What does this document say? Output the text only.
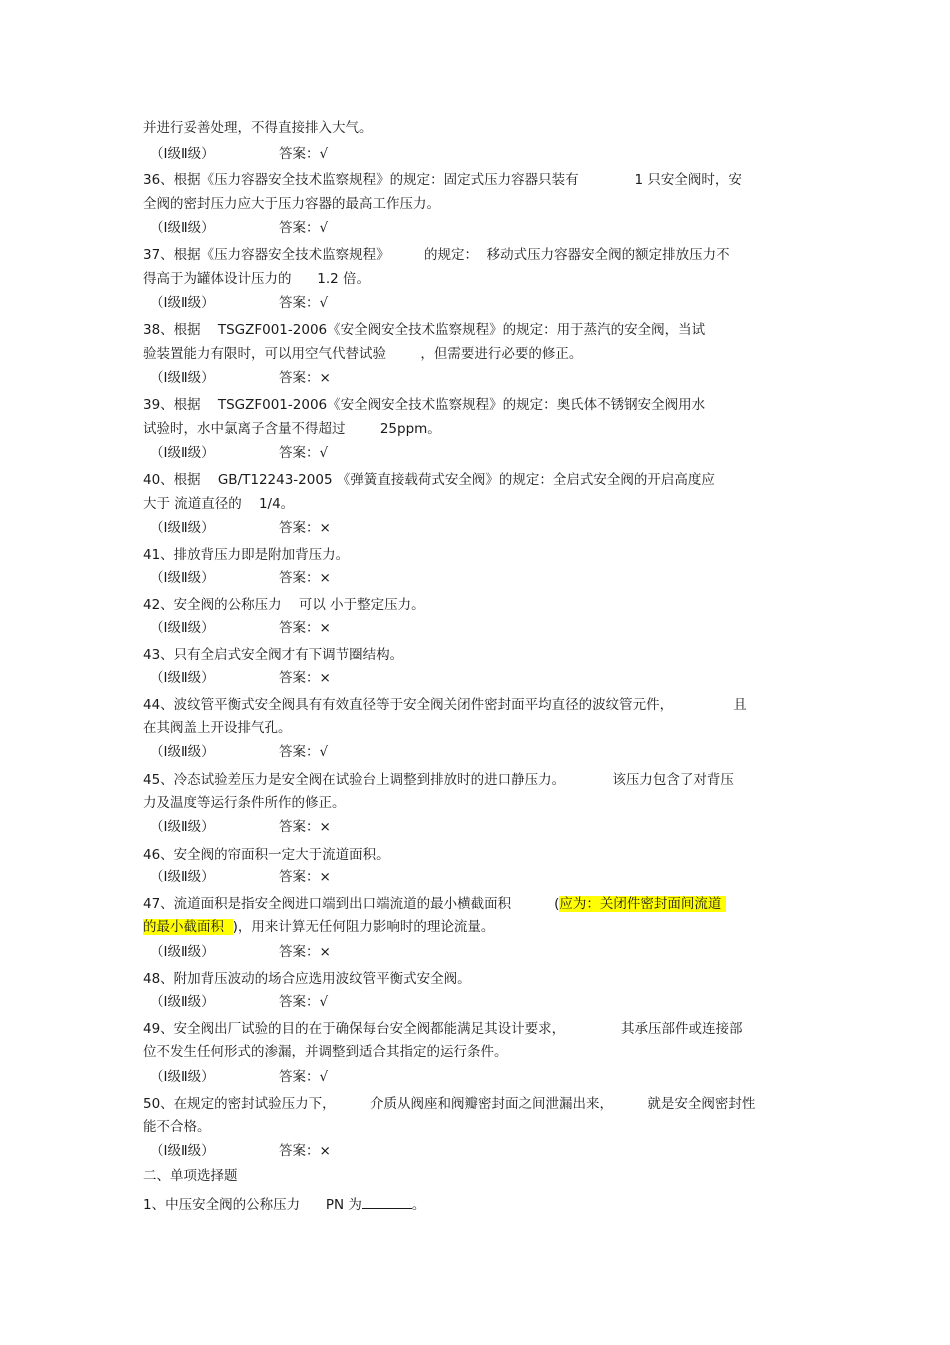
并进行妥善处理，不得直接排入大气。
（Ⅰ级Ⅱ级）	答案：√
36、根据《压力容器安全技术监察规程》的规定：固定式压力容器只装有             1 只安全阀时，安
全阀的密封压力应大于压力容器的最高工作压力。
（Ⅰ级Ⅱ级）	答案：√
37、根据《压力容器安全技术监察规程》        的规定：  移动式压力容器安全阀的额定排放压力不
得高于为罐体设计压力的      1.2 倍。
（Ⅰ级Ⅱ级）	答案：√
38、根据    TSGZF001-2006《安全阀安全技术监察规程》的规定：用于蒸汽的安全阀，当试
验装置能力有限时，可以用空气代替试验        ，但需要进行必要的修正。
（Ⅰ级Ⅱ级）	答案：×
39、根据    TSGZF001-2006《安全阀安全技术监察规程》的规定：奥氏体不锈钢安全阀用水
试验时，水中氯离子含量不得超过        25ppm。
（Ⅰ级Ⅱ级）	答案：√
40、根据    GB/T12243-2005 《弹簧直接载荷式安全阀》的规定：全启式安全阀的开启高度应
大于 流道直径的    1/4。
（Ⅰ级Ⅱ级）	答案：×
41、排放背压力即是附加背压力。
（Ⅰ级Ⅱ级）	答案：×
42、安全阀的公称压力    可以 小于整定压力。
（Ⅰ级Ⅱ级）	答案：×
43、只有全启式安全阀才有下调节圈结构。
（Ⅰ级Ⅱ级）	答案：×
44、波纹管平衡式安全阀具有有效直径等于安全阀关闭件密封面平均直径的波纹管元件，              且
在其阀盖上开设排气孔。
（Ⅰ级Ⅱ级）	答案：√
45、冷态试验差压力是安全阀在试验台上调整到排放时的进口静压力。           该压力包含了对背压
力及温度等运行条件所作的修正。
（Ⅰ级Ⅱ级）	答案：×
46、安全阀的帘面积一定大于流道面积。
（Ⅰ级Ⅱ级）	答案：×
47、流道面积是指安全阀进口端到出口端流道的最小横截面积          (应为：关闭件密封面间流道
的最小截面积  )，用来计算无任何阻力影响时的理论流量。
（Ⅰ级Ⅱ级）	答案：×
48、附加背压波动的场合应选用波纹管平衡式安全阀。
（Ⅰ级Ⅱ级）	答案：√
49、安全阀出厂试验的目的在于确保每台安全阀都能满足其设计要求，             其承压部件或连接部
位不发生任何形式的渗漏，并调整到适合其指定的运行条件。
（Ⅰ级Ⅱ级）	答案：√
50、在规定的密封试验压力下，        介质从阀座和阀瓣密封面之间泄漏出来，        就是安全阀密封性
能不合格。
（Ⅰ级Ⅱ级）	答案：×
二、单项选择题
1、中压安全阀的公称压力      PN 为	。
